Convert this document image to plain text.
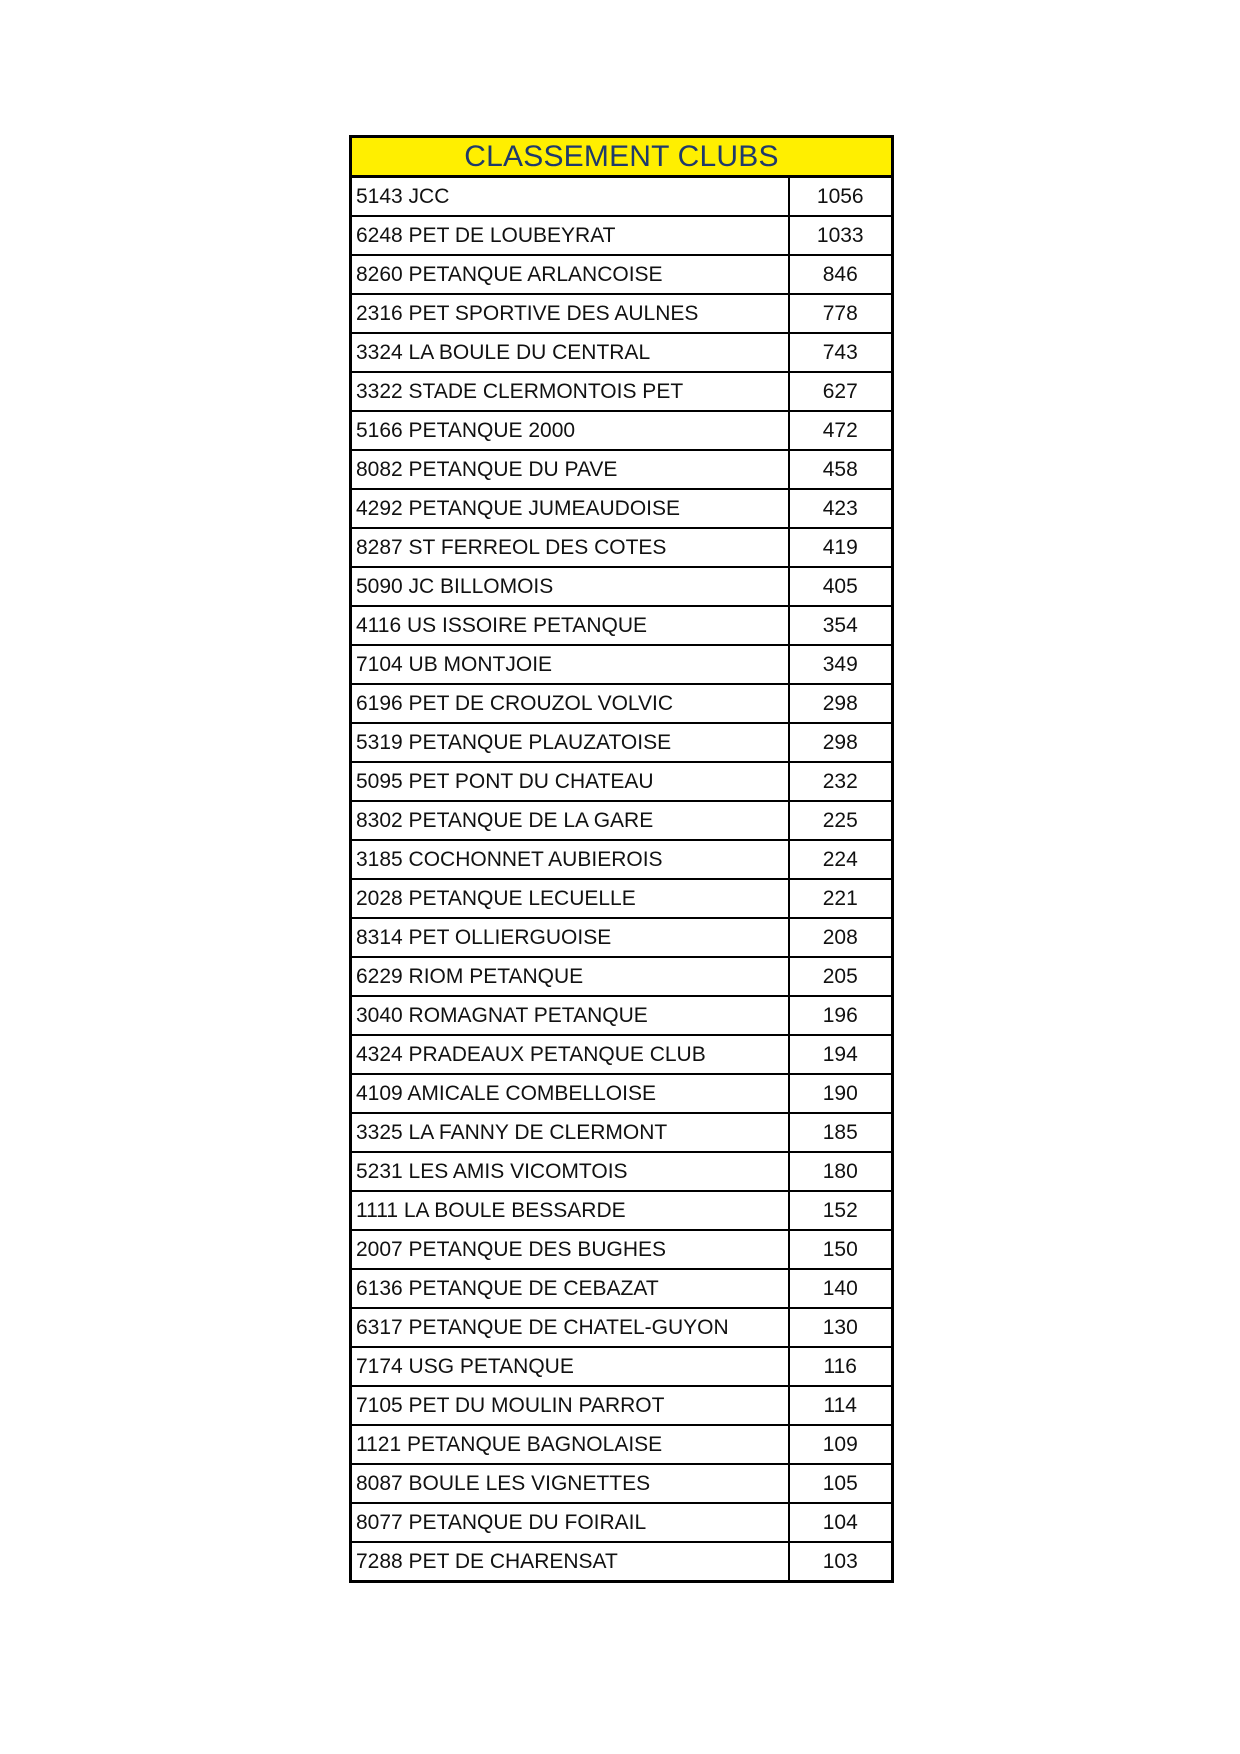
CLASSEMENT CLUBS	
5143 JCC	1056
6248 PET DE LOUBEYRAT	1033
8260 PETANQUE ARLANCOISE	846
2316 PET SPORTIVE DES AULNES	778
3324 LA BOULE DU CENTRAL	743
3322 STADE CLERMONTOIS PET	627
5166 PETANQUE 2000	472
8082 PETANQUE DU PAVE	458
4292 PETANQUE JUMEAUDOISE	423
8287 ST FERREOL DES COTES	419
5090 JC BILLOMOIS	405
4116 US ISSOIRE PETANQUE	354
7104 UB MONTJOIE	349
6196 PET DE CROUZOL VOLVIC	298
5319 PETANQUE PLAUZATOISE	298
5095 PET PONT DU CHATEAU	232
8302 PETANQUE DE LA GARE	225
3185 COCHONNET AUBIEROIS	224
2028 PETANQUE LECUELLE	221
8314 PET OLLIERGUOISE	208
6229 RIOM PETANQUE	205
3040 ROMAGNAT PETANQUE	196
4324 PRADEAUX PETANQUE CLUB	194
4109 AMICALE COMBELLOISE	190
3325 LA FANNY DE CLERMONT	185
5231 LES AMIS VICOMTOIS	180
1111 LA BOULE BESSARDE	152
2007 PETANQUE DES BUGHES	150
6136 PETANQUE DE CEBAZAT	140
6317 PETANQUE DE CHATEL-GUYON	130
7174 USG PETANQUE	116
7105 PET DU MOULIN PARROT	114
1121 PETANQUE BAGNOLAISE	109
8087 BOULE LES VIGNETTES	105
8077 PETANQUE DU FOIRAIL	104
7288 PET DE CHARENSAT	103
